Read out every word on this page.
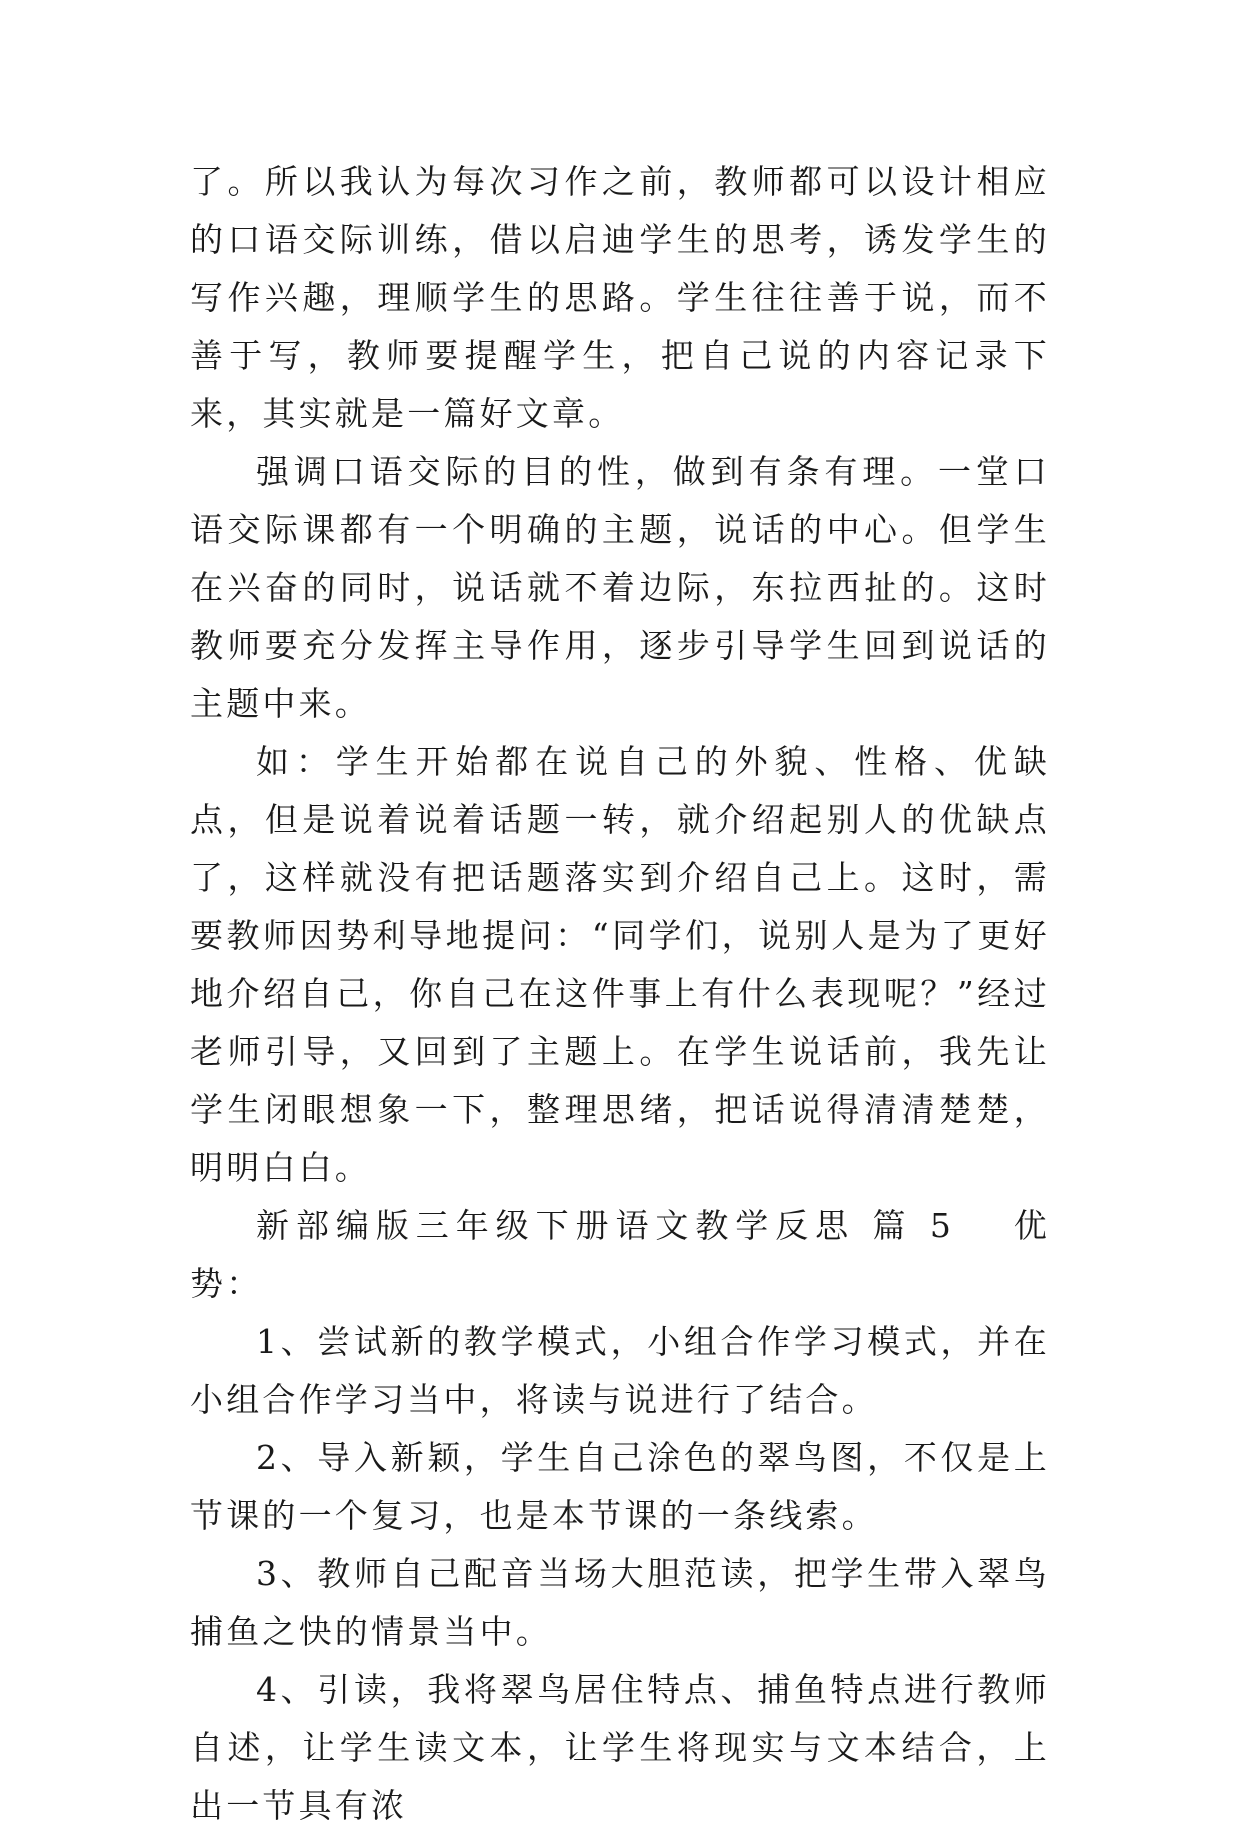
了。所以我认为每次习作之前，教师都可以设计相应的口语交际训练，借以启迪学生的思考，诱发学生的写作兴趣，理顺学生的思路。学生往往善于说，而不善于写，教师要提醒学生，把自己说的内容记录下来，其实就是一篇好文章。

强调口语交际的目的性，做到有条有理。一堂口语交际课都有一个明确的主题，说话的中心。但学生在兴奋的同时，说话就不着边际，东拉西扯的。这时教师要充分发挥主导作用，逐步引导学生回到说话的主题中来。

如：学生开始都在说自己的外貌、性格、优缺点，但是说着说着话题一转，就介绍起别人的优缺点了，这样就没有把话题落实到介绍自己上。这时，需要教师因势利导地提问：“同学们，说别人是为了更好地介绍自己，你自己在这件事上有什么表现呢？”经过老师引导，又回到了主题上。在学生说话前，我先让学生闭眼想象一下，整理思绪，把话说得清清楚楚，明明白白。

新部编版三年级下册语文教学反思 篇 5 优势：

1、尝试新的教学模式，小组合作学习模式，并在小组合作学习当中，将读与说进行了结合。

2、导入新颖，学生自己涂色的翠鸟图，不仅是上节课的一个复习，也是本节课的一条线索。

3、教师自己配音当场大胆范读，把学生带入翠鸟捕鱼之快的情景当中。

4、引读，我将翠鸟居住特点、捕鱼特点进行教师自述，让学生读文本，让学生将现实与文本结合，上出一节具有浓
